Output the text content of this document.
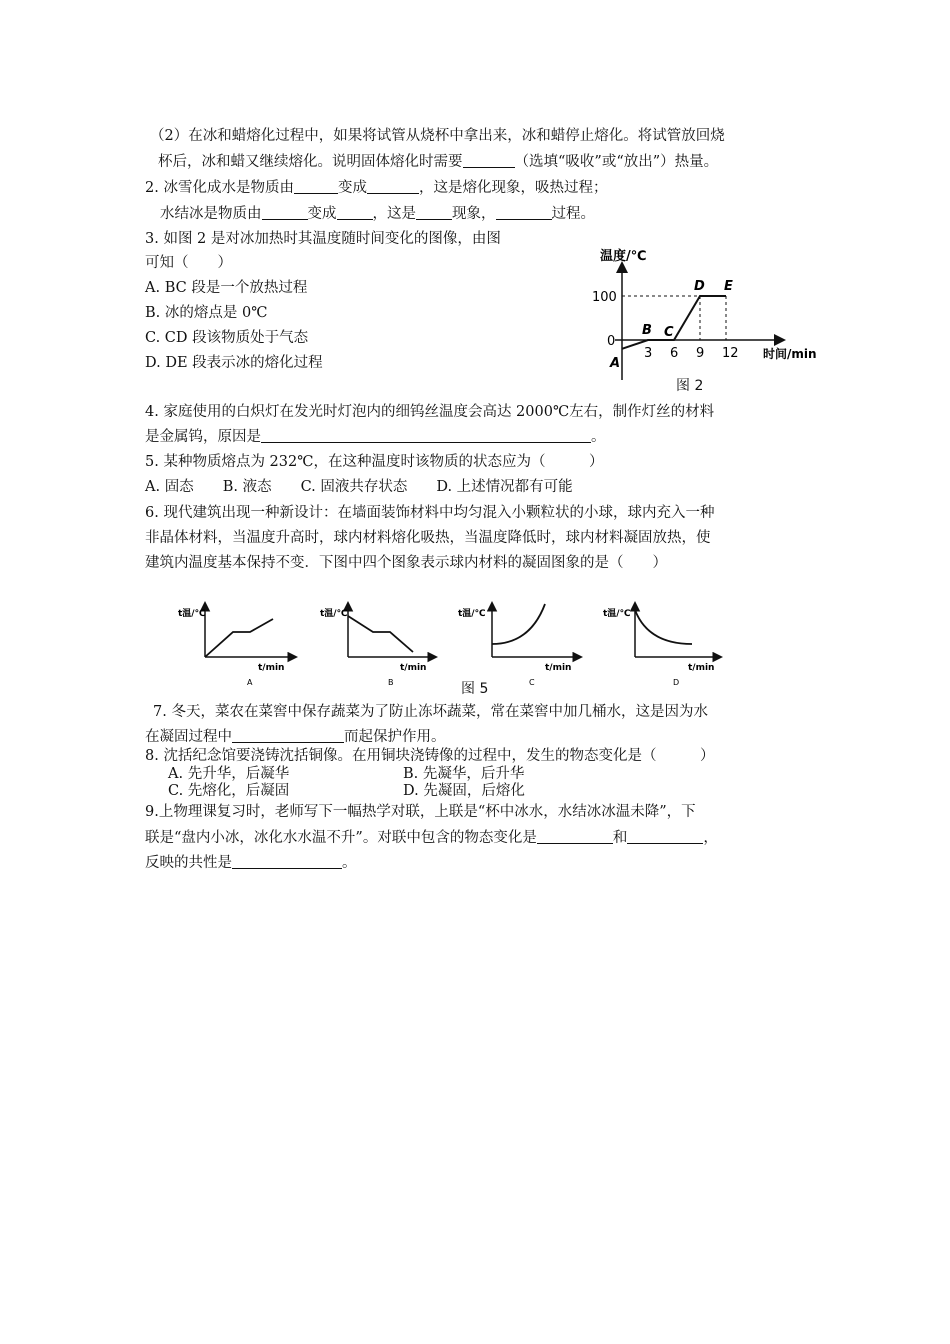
（2）在冰和蜡熔化过程中，如果将试管从烧杯中拿出来，冰和蜡停止熔化。将试管放回烧
杯后，冰和蜡又继续熔化。说明固体熔化时需要	（选填“吸收”或“放出”）热量。
2. 冰雪化成水是物质由	变成	，这是熔化现象，吸热过程；
水结冰是物质由	变成 ，这是 现象，	过程。
3. 如图 2 是对冰加热时其温度随时间变化的图像，由图
可知（　　）
A. BC 段是一个放热过程
B. 冰的熔点是 0℃
C. CD 段该物质处于气态
D. DE 段表示冰的熔化过程
温度/℃
时间/min
100
0
3 6 9 12
A
B C
D E
图 2
4. 家庭使用的白炽灯在发光时灯泡内的细钨丝温度会高达 2000℃左右，制作灯丝的材料
是金属钨，原因是	。
5. 某种物质熔点为 232℃，在这种温度时该物质的状态应为（　　　）
A. 固态　　B. 液态　　C. 固液共存状态　　D. 上述情况都有可能
6. 现代建筑出现一种新设计：在墙面装饰材料中均匀混入小颗粒状的小球，球内充入一种
非晶体材料，当温度升高时，球内材料熔化吸热，当温度降低时，球内材料凝固放热，使
建筑内温度基本保持不变．下图中四个图象表示球内材料的凝固图象的是（　　）
t温/℃
t/min
A
t温/℃
t/min
B
t温/℃
t/min
C
t温/℃
t/min
D
图 5
7. 冬天，菜农在菜窖中保存蔬菜为了防止冻坏蔬菜，常在菜窖中加几桶水，这是因为水
在凝固过程中	而起保护作用。
8. 沈括纪念馆要浇铸沈括铜像。在用铜块浇铸像的过程中，发生的物态变化是（　　　）
A. 先升华，后凝华	B. 先凝华，后升华
C. 先熔化，后凝固	D. 先凝固，后熔化
9.上物理课复习时，老师写下一幅热学对联，上联是“杯中冰水，水结冰冰温未降”，下
联是“盘内小冰，冰化水水温不升”。对联中包含的物态变化是	和	，
反映的共性是	。
